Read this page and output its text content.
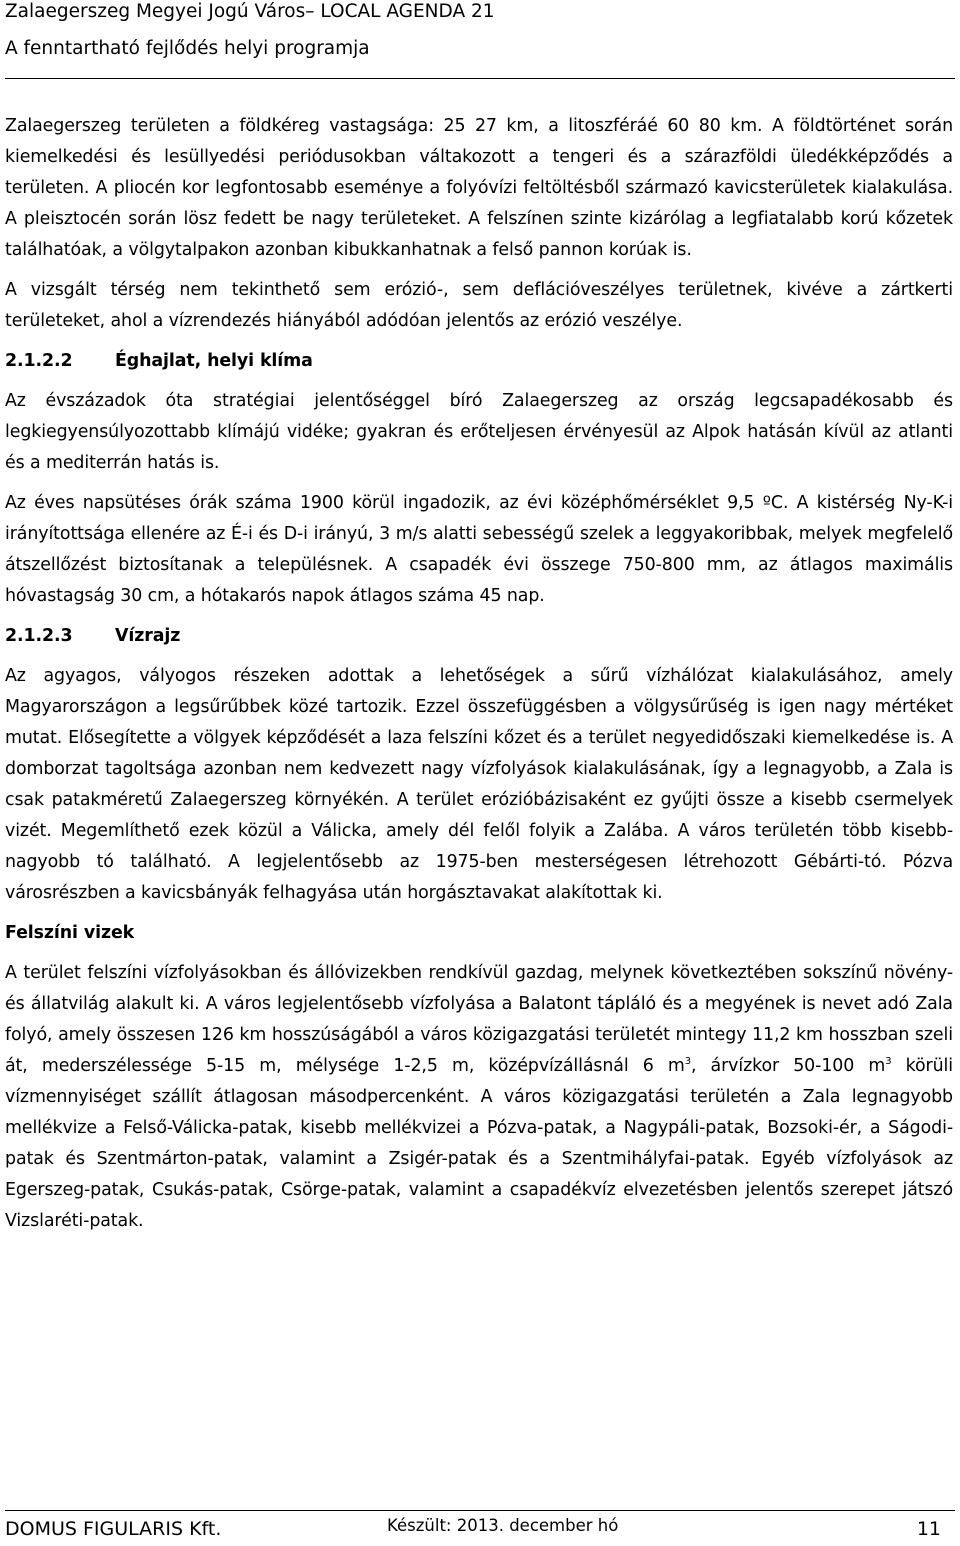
Zalaegerszeg Megyei Jogú Város– LOCAL AGENDA 21
A fenntartható fejlődés helyi programja

Zalaegerszeg területen a földkéreg vastagsága: 25 27 km, a litoszféráé 60 80 km. A földtörténet során kiemelkedési és lesüllyedési periódusokban váltakozott a tengeri és a szárazföldi üledékképződés a területen. A pliocén kor legfontosabb eseménye a folyóvízi feltöltésből származó kavicsterületek kialakulása. A pleisztocén során lösz fedett be nagy területeket. A felszínen szinte kizárólag a legfiatalabb korú kőzetek találhatóak, a völgytalpakon azonban kibukkanhatnak a felső pannon korúak is.

A vizsgált térség nem tekinthető sem erózió-, sem deflációveszélyes területnek, kivéve a zártkerti területeket, ahol a vízrendezés hiányából adódóan jelentős az erózió veszélye.

2.1.2.2	Éghajlat, helyi klíma

Az évszázadok óta stratégiai jelentőséggel bíró Zalaegerszeg az ország legcsapadékosabb és legkiegyensúlyozottabb klímájú vidéke; gyakran és erőteljesen érvényesül az Alpok hatásán kívül az atlanti és a mediterrán hatás is.

Az éves napsütéses órák száma 1900 körül ingadozik, az évi középhőmérséklet 9,5 ºC. A kistérség Ny-K-i irányítottsága ellenére az É-i és D-i irányú, 3 m/s alatti sebességű szelek a leggyakoribbak, melyek megfelelő átszellőzést biztosítanak a településnek. A csapadék évi összege 750-800 mm, az átlagos maximális hóvastagság 30 cm, a hótakarós napok átlagos száma 45 nap.

2.1.2.3	Vízrajz

Az agyagos, vályogos részeken adottak a lehetőségek a sűrű vízhálózat kialakulásához, amely Magyarországon a legsűrűbbek közé tartozik. Ezzel összefüggésben a völgysűrűség is igen nagy mértéket mutat. Elősegítette a völgyek képződését a laza felszíni kőzet és a terület negyedidőszaki kiemelkedése is. A domborzat tagoltsága azonban nem kedvezett nagy vízfolyások kialakulásának, így a legnagyobb, a Zala is csak patakméretű Zalaegerszeg környékén. A terület erózióbázisaként ez gyűjti össze a kisebb csermelyek vizét. Megemlíthető ezek közül a Válicka, amely dél felől folyik a Zalába. A város területén több kisebb-nagyobb tó található. A legjelentősebb az 1975-ben mesterségesen létrehozott Gébárti-tó. Pózva városrészben a kavicsbányák felhagyása után horgásztavakat alakítottak ki.

Felszíni vizek

A terület felszíni vízfolyásokban és állóvizekben rendkívül gazdag, melynek következtében sokszínű növény- és állatvilág alakult ki. A város legjelentősebb vízfolyása a Balatont tápláló és a megyének is nevet adó Zala folyó, amely összesen 126 km hosszúságából a város közigazgatási területét mintegy 11,2 km hosszban szeli át, mederszélessége 5-15 m, mélysége 1-2,5 m, középvízállásnál 6 $m^3$, árvízkor 50-100 $m^3$ körüli vízmennyiséget szállít átlagosan másodpercenként. A város közigazgatási területén a Zala legnagyobb mellékvize a Felső-Válicka-patak, kisebb mellékvizei a Pózva-patak, a Nagypáli-patak, Bozsoki-ér, a Ságodi-patak és Szentmárton-patak, valamint a Zsigér-patak és a Szentmihályfai-patak. Egyéb vízfolyások az Egerszeg-patak, Csukás-patak, Csörge-patak, valamint a csapadékvíz elvezetésben jelentős szerepet játszó Vizslaréti-patak.

DOMUS FIGULARIS Kft.	Készült: 2013. december hó	11
